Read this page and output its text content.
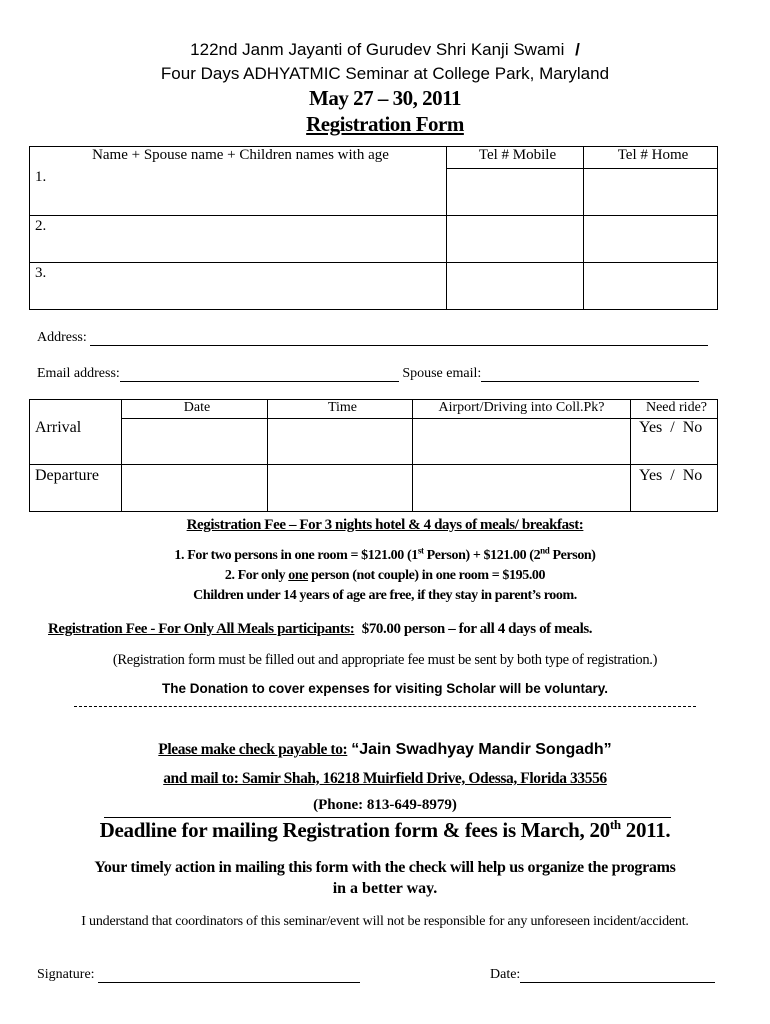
122nd Janm Jayanti of Gurudev Shri Kanji Swami /
Four Days ADHYATMIC Seminar at College Park, Maryland
May 27 – 30, 2011
Registration Form
Name + Spouse name + Children names with age	Tel # Mobile	Tel # Home
1.		
2.		
3.		
Address:
Email address:	Spouse email:
	Date	Time	Airport/Driving into Coll.Pk?	Need ride?
Arrival				Yes  /  No
Departure				Yes  /  No
Registration Fee – For 3 nights hotel & 4 days of meals/ breakfast:
1. For two persons in one room = $121.00 (1st Person) + $121.00 (2nd Person)
2. For only one person (not couple) in one room = $195.00
Children under 14 years of age are free, if they stay in parent’s room.
Registration Fee - For Only All Meals participants: $70.00 person – for all 4 days of meals.
(Registration form must be filled out and appropriate fee must be sent by both type of registration.)
The Donation to cover expenses for visiting Scholar will be voluntary.
Please make check payable to: “Jain Swadhyay Mandir Songadh”
and mail to: Samir Shah, 16218 Muirfield Drive, Odessa, Florida 33556
(Phone: 813-649-8979)
Deadline for mailing Registration form & fees is March, 20th 2011.
Your timely action in mailing this form with the check will help us organize the programs
in a better way.
I understand that coordinators of this seminar/event will not be responsible for any unforeseen incident/accident.
Signature:	Date:
